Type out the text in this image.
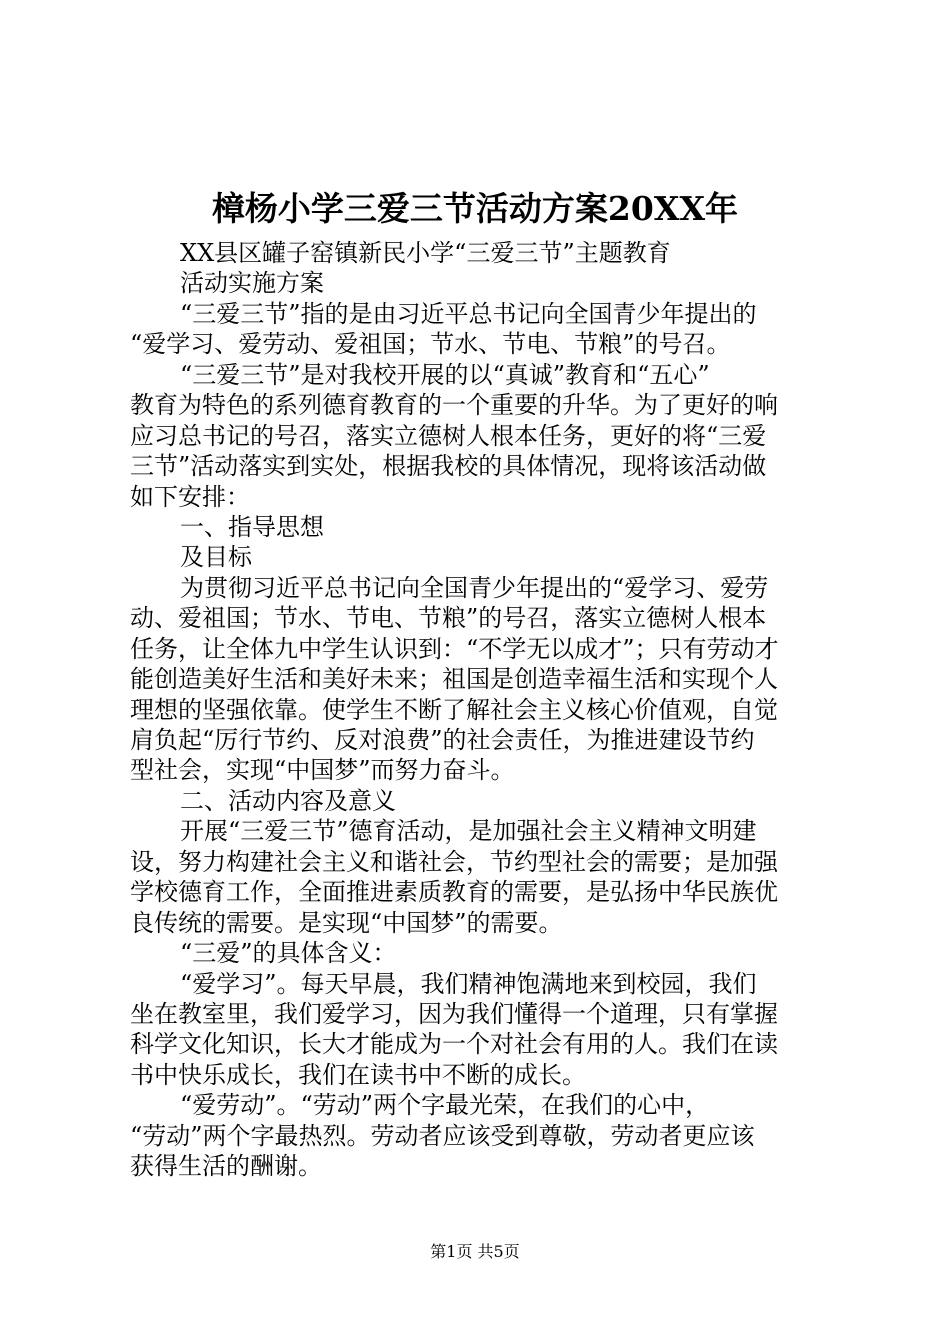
樟杨小学三爱三节活动方案20XX年
XX县区罐子窑镇新民小学“三爱三节”主题教育
活动实施方案
“三爱三节”指的是由习近平总书记向全国青少年提出的
“爱学习、爱劳动、爱祖国；节水、节电、节粮”的号召。
“三爱三节”是对我校开展的以“真诚”教育和“五心”
教育为特色的系列德育教育的一个重要的升华。为了更好的响
应习总书记的号召，落实立德树人根本任务，更好的将“三爱
三节”活动落实到实处，根据我校的具体情况，现将该活动做
如下安排：
一、指导思想
及目标
为贯彻习近平总书记向全国青少年提出的“爱学习、爱劳
动、爱祖国；节水、节电、节粮”的号召，落实立德树人根本
任务，让全体九中学生认识到：“不学无以成才”；只有劳动才
能创造美好生活和美好未来；祖国是创造幸福生活和实现个人
理想的坚强依靠。使学生不断了解社会主义核心价值观，自觉
肩负起“厉行节约、反对浪费”的社会责任，为推进建设节约
型社会，实现“中国梦”而努力奋斗。
二、活动内容及意义
开展“三爱三节”德育活动，是加强社会主义精神文明建
设，努力构建社会主义和谐社会，节约型社会的需要；是加强
学校德育工作，全面推进素质教育的需要，是弘扬中华民族优
良传统的需要。是实现“中国梦”的需要。
“三爱”的具体含义：
“爱学习”。每天早晨，我们精神饱满地来到校园，我们
坐在教室里，我们爱学习，因为我们懂得一个道理，只有掌握
科学文化知识，长大才能成为一个对社会有用的人。我们在读
书中快乐成长，我们在读书中不断的成长。
“爱劳动”。“劳动”两个字最光荣，在我们的心中，
“劳动”两个字最热烈。劳动者应该受到尊敬，劳动者更应该
获得生活的酬谢。
第1页 共5页
